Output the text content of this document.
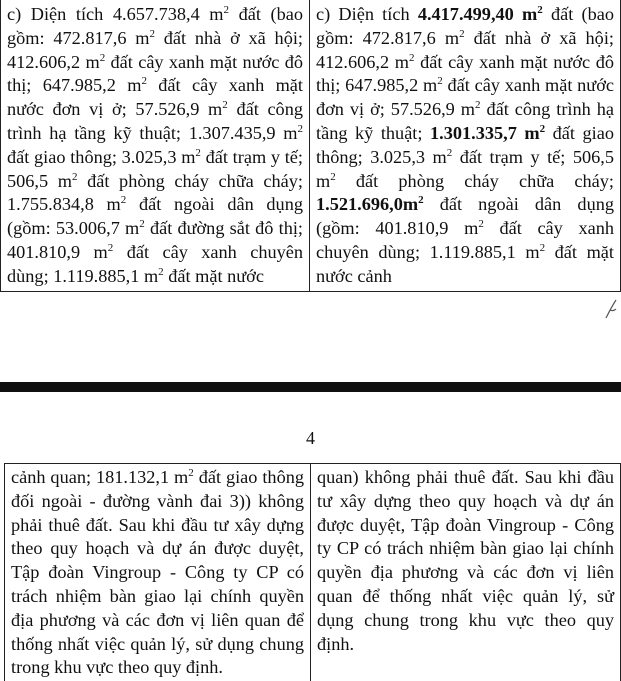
c) Diện tích 4.657.738,4 $m^2$ đất (bao gồm: 472.817,6 $m^2$ đất nhà ở xã hội; 412.606,2 $m^2$ đất cây xanh mặt nước đô thị; 647.985,2 $m^2$ đất cây xanh mặt nước đơn vị ở; 57.526,9 $m^2$ đất công trình hạ tầng kỹ thuật; 1.307.435,9 $m^2$ đất giao thông; 3.025,3 $m^2$ đất trạm y tế; 506,5 $m^2$ đất phòng cháy chữa cháy; 1.755.834,8 $m^2$ đất ngoài dân dụng (gồm: 53.006,7 $m^2$ đất đường sắt đô thị; 401.810,9 $m^2$ đất cây xanh chuyên dùng; 1.119.885,1 $m^2$ đất mặt nước

c) Diện tích 4.417.499,40 $m^2$ đất (bao gồm: 472.817,6 $m^2$ đất nhà ở xã hội; 412.606,2 $m^2$ đất cây xanh mặt nước đô thị; 647.985,2 $m^2$ đất cây xanh mặt nước đơn vị ở; 57.526,9 $m^2$ đất công trình hạ tầng kỹ thuật; 1.301.335,7 $m^2$ đất giao thông; 3.025,3 $m^2$ đất trạm y tế; 506,5 $m^2$ đất phòng cháy chữa cháy; $1.521.696,0m^2$ đất ngoài dân dụng (gồm: 401.810,9 $m^2$ đất cây xanh chuyên dùng; 1.119.885,1 $m^2$ đất mặt nước cảnh

4

cảnh quan; 181.132,1 $m^2$ đất giao thông đối ngoài - đường vành đai 3)) không phải thuê đất. Sau khi đầu tư xây dựng theo quy hoạch và dự án được duyệt, Tập đoàn Vingroup - Công ty CP có trách nhiệm bàn giao lại chính quyền địa phương và các đơn vị liên quan để thống nhất việc quản lý, sử dụng chung trong khu vực theo quy định.

quan) không phải thuê đất. Sau khi đầu tư xây dựng theo quy hoạch và dự án được duyệt, Tập đoàn Vingroup - Công ty CP có trách nhiệm bàn giao lại chính quyền địa phương và các đơn vị liên quan để thống nhất việc quản lý, sử dụng chung trong khu vực theo quy định.
